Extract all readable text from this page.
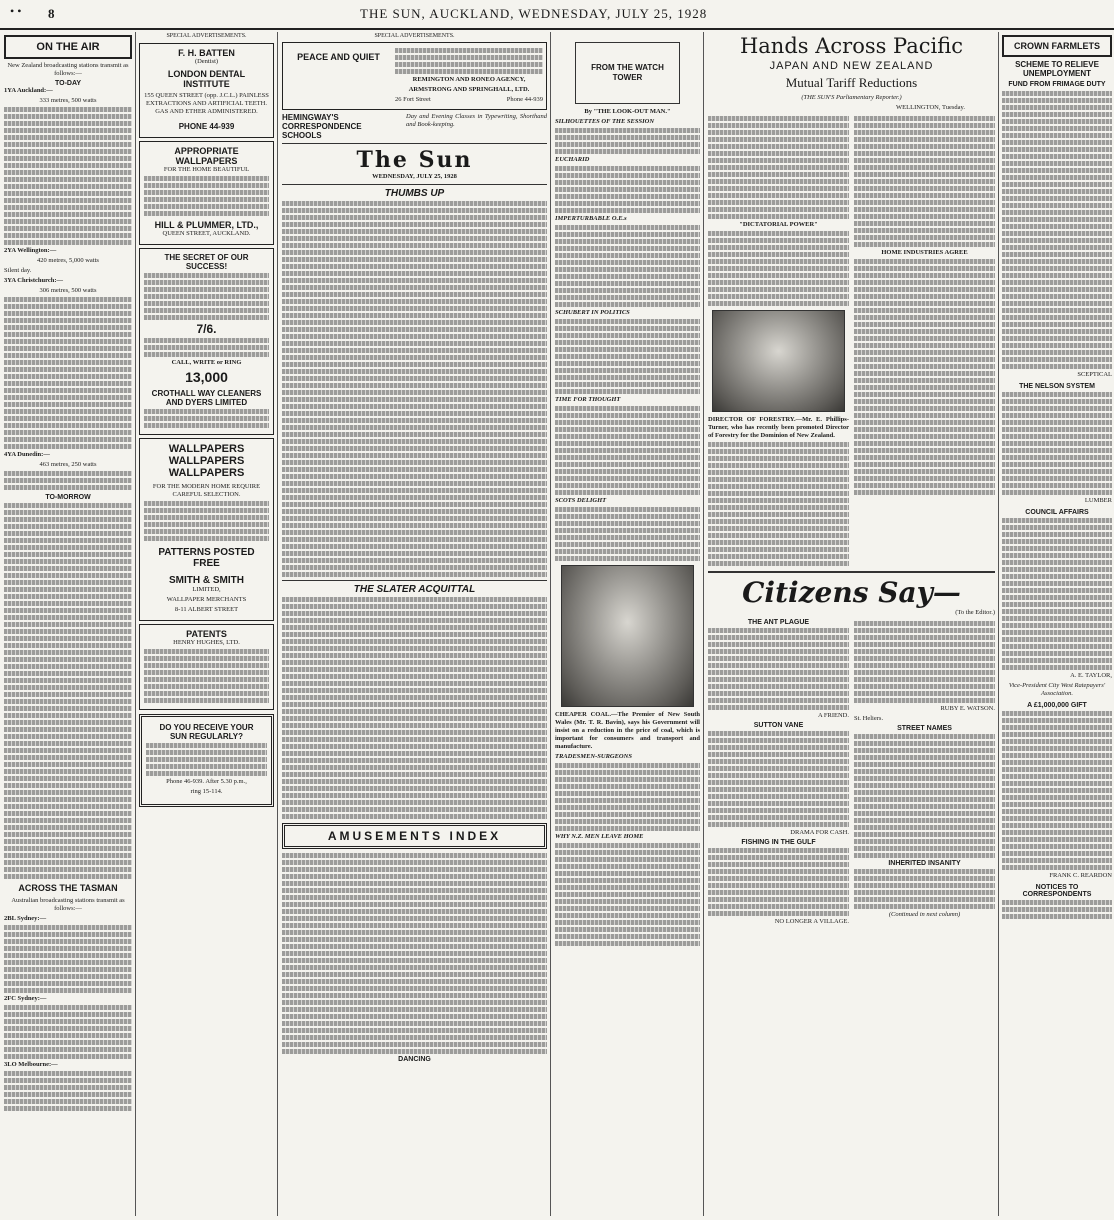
• • 8	THE SUN, AUCKLAND, WEDNESDAY, JULY 25, 1928
ON THE AIR

New Zealand broadcasting stations transmit as follows:—

TO-DAY
1YA Auckland:—
333 metres, 500 watts
2YA Wellington:—
420 metres, 5,000 watts
Silent day.
3YA Christchurch:—
306 metres, 500 watts
4YA Dunedin:—
463 metres, 250 watts
TO-MORROW
ACROSS THE TASMAN

Australian broadcasting stations transmit as follows:—

2BL Sydney:—
2FC Sydney:—
3LO Melbourne:—
SPECIAL ADVERTISEMENTS.
F. H. BATTEN
(Dentist)
LONDON DENTAL INSTITUTE
155 QUEEN STREET (opp. J.C.L.) PAINLESS EXTRACTIONS AND ARTIFICIAL TEETH. GAS AND ETHER ADMINISTERED.
PHONE 44-939
APPROPRIATE WALLPAPERS
FOR THE HOME BEAUTIFUL
HILL & PLUMMER, LTD.,
QUEEN STREET, AUCKLAND.
THE SECRET OF OUR SUCCESS!
7/6.
CALL, WRITE or RING
13,000
CROTHALL WAY CLEANERS AND DYERS LIMITED
WALLPAPERS
WALLPAPERS
WALLPAPERS
FOR THE MODERN HOME REQUIRE CAREFUL SELECTION.
PATTERNS POSTED FREE
SMITH & SMITH
LIMITED,
WALLPAPER MERCHANTS
8-11 ALBERT STREET
PATENTS
HENRY HUGHES, LTD.
DO YOU RECEIVE YOUR
SUN REGULARLY?
Phone 46-939. After 5.30 p.m.,
ring 15-114.
SPECIAL ADVERTISEMENTS.
PEACE AND QUIET
REMINGTON AND RONEO AGENCY,
ARMSTRONG AND SPRINGHALL, LTD.
26 Fort Street	Phone 44-939
HEMINGWAY'S CORRESPONDENCE SCHOOLS
Day and Evening Classes in Typewriting, Shorthand and Book-keeping.
The Sun
WEDNESDAY, JULY 25, 1928
THUMBS UP
THE SLATER ACQUITTAL
AMUSEMENTS INDEX
DANCING
FROM THE WATCH TOWER
By "THE LOOK-OUT MAN."
SILHOUETTES OF THE SESSION
EUCHARID
IMPERTURBABLE O.E.s
SCHUBERT IN POLITICS
TIME FOR THOUGHT
SCOTS DELIGHT

CHEAPER COAL.—The Premier of New South Wales (Mr. T. R. Bavin), says his Government will insist on a reduction in the price of coal, which is important for consumers and transport and manufacture.

TRADESMEN-SURGEONS
WHY N.Z. MEN LEAVE HOME
Hands Across Pacific
JAPAN AND NEW ZEALAND
Mutual Tariff Reductions
(THE SUN'S Parliamentary Reporter.)
WELLINGTON, Tuesday.
"DICTATORIAL POWER"

DIRECTOR OF FORESTRY.—Mr. E. Phillips-Turner, who has recently been promoted Director of Forestry for the Dominion of New Zealand.

HOME INDUSTRIES AGREE
Citizens Say—
(To the Editor.)
THE ANT PLAGUE
A FRIEND.
SUTTON VANE
DRAMA FOR CASH.
FISHING IN THE GULF
NO LONGER A VILLAGE.
RUBY E. WATSON.
St. Heliers.
STREET NAMES
INHERITED INSANITY
(Continued in next column)
CROWN FARMLETS
SCHEME TO RELIEVE UNEMPLOYMENT
FUND FROM FRIMAGE DUTY
SCEPTICAL
THE NELSON SYSTEM
LUMBER
COUNCIL AFFAIRS
A. E. TAYLOR,
Vice-President City West Ratepayers' Association.
A £1,000,000 GIFT
FRANK C. REARDON
NOTICES TO CORRESPONDENTS
